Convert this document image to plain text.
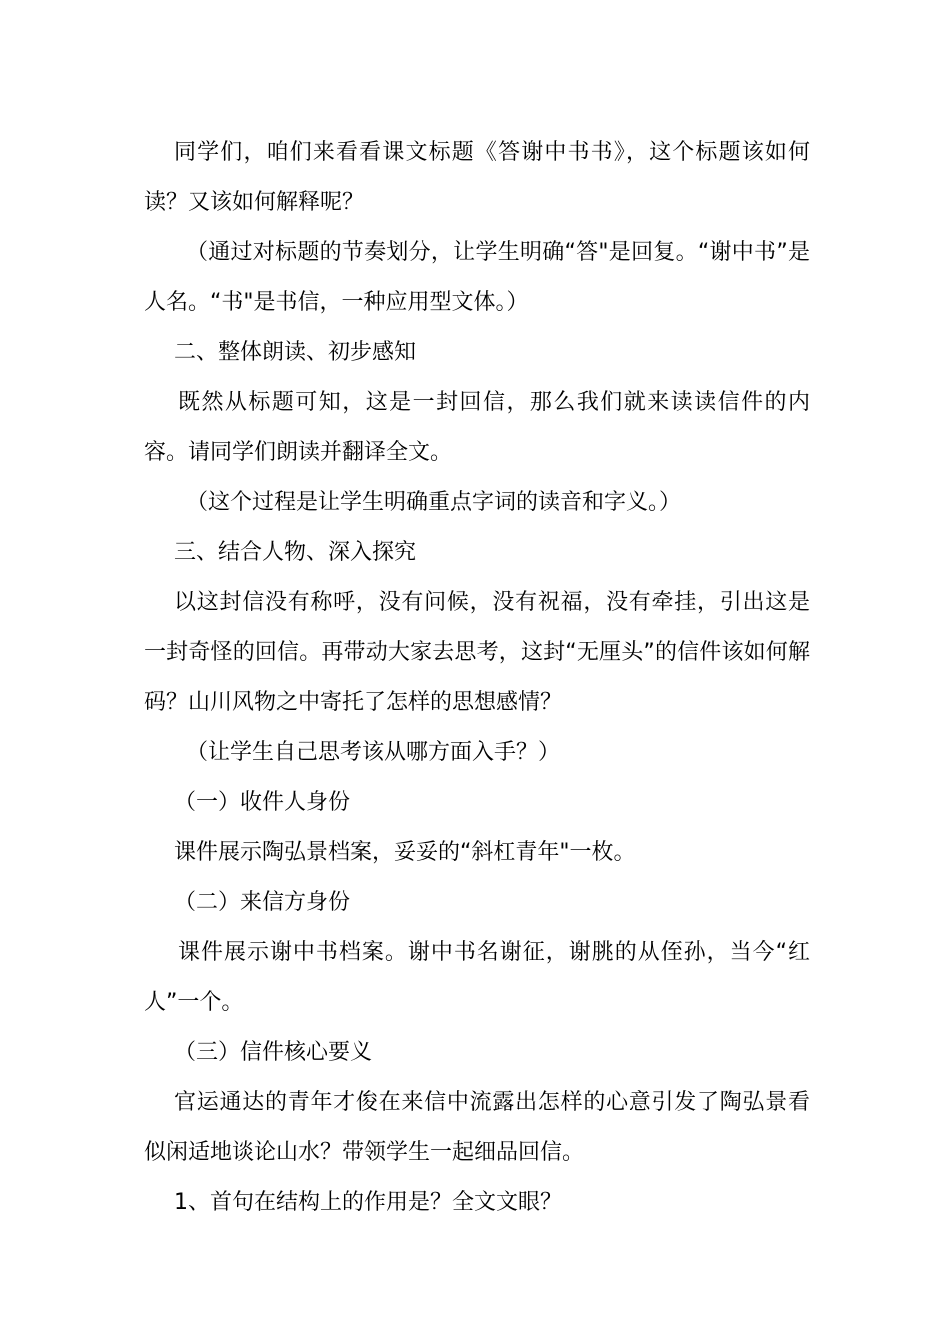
同学们，咱们来看看课文标题《答谢中书书》，这个标题该如何读？又该如何解释呢？

（通过对标题的节奏划分，让学生明确“答"是回复。“谢中书”是人名。“书"是书信，一种应用型文体。）

二、整体朗读、初步感知

既然从标题可知，这是一封回信，那么我们就来读读信件的内容。请同学们朗读并翻译全文。

（这个过程是让学生明确重点字词的读音和字义。）

三、结合人物、深入探究

以这封信没有称呼，没有问候，没有祝福，没有牵挂，引出这是一封奇怪的回信。再带动大家去思考，这封“无厘头”的信件该如何解码？山川风物之中寄托了怎样的思想感情？

（让学生自己思考该从哪方面入手？）

（一）收件人身份

课件展示陶弘景档案，妥妥的“斜杠青年"一枚。

（二）来信方身份

课件展示谢中书档案。谢中书名谢征，谢朓的从侄孙，当今“红人”一个。

（三）信件核心要义

官运通达的青年才俊在来信中流露出怎样的心意引发了陶弘景看似闲适地谈论山水？带领学生一起细品回信。

1、首句在结构上的作用是？全文文眼？
